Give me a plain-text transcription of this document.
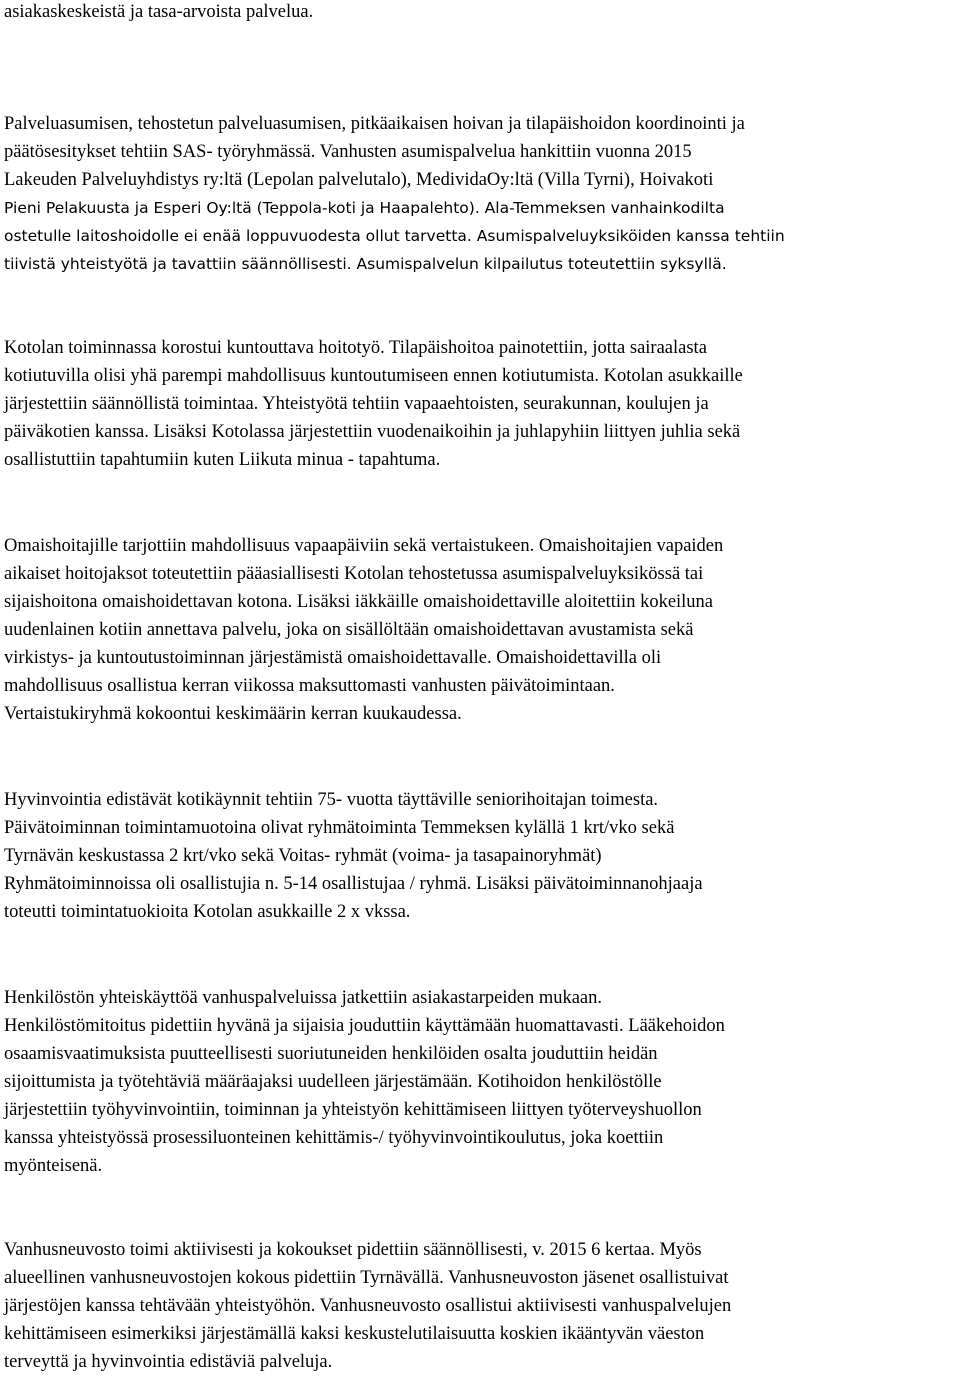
asiakaskeskeistä ja tasa-arvoista palvelua.
Palveluasumisen, tehostetun palveluasumisen, pitkäaikaisen hoivan ja tilapäishoidon koordinointi ja
päätösesitykset tehtiin SAS- työryhmässä. Vanhusten asumispalvelua hankittiin vuonna 2015
Lakeuden Palveluyhdistys ry:ltä (Lepolan palvelutalo), MedividaOy:ltä (Villa Tyrni), Hoivakoti
Pieni Pelakuusta ja Esperi Oy:ltä (Teppola-koti ja Haapalehto). Ala-Temmeksen vanhainkodilta
ostetulle laitoshoidolle ei enää loppuvuodesta ollut tarvetta. Asumispalveluyksiköiden kanssa tehtiin
tiivistä yhteistyötä ja tavattiin säännöllisesti. Asumispalvelun kilpailutus toteutettiin syksyllä.
Kotolan toiminnassa korostui kuntouttava hoitotyö. Tilapäishoitoa painotettiin, jotta sairaalasta
kotiutuvilla olisi yhä parempi mahdollisuus kuntoutumiseen ennen kotiutumista. Kotolan asukkaille
järjestettiin säännöllistä toimintaa. Yhteistyötä tehtiin vapaaehtoisten, seurakunnan, koulujen ja
päiväkotien kanssa. Lisäksi Kotolassa järjestettiin vuodenaikoihin ja juhlapyhiin liittyen juhlia sekä
osallistuttiin tapahtumiin kuten Liikuta minua - tapahtuma.
Omaishoitajille tarjottiin mahdollisuus vapaapäiviin sekä vertaistukeen. Omaishoitajien vapaiden
aikaiset hoitojaksot toteutettiin pääasiallisesti Kotolan tehostetussa asumispalveluyksikössä tai
sijaishoitona omaishoidettavan kotona. Lisäksi iäkkäille omaishoidettaville aloitettiin kokeiluna
uudenlainen kotiin annettava palvelu, joka on sisällöltään omaishoidettavan avustamista sekä
virkistys- ja kuntoutustoiminnan järjestämistä omaishoidettavalle. Omaishoidettavilla oli
mahdollisuus osallistua kerran viikossa maksuttomasti vanhusten päivätoimintaan.
Vertaistukiryhmä kokoontui keskimäärin kerran kuukaudessa.
Hyvinvointia edistävät kotikäynnit tehtiin 75- vuotta täyttäville seniorihoitajan toimesta.
Päivätoiminnan toimintamuotoina olivat ryhmätoiminta Temmeksen kylällä 1 krt/vko sekä
Tyrnävän keskustassa 2 krt/vko sekä Voitas- ryhmät (voima- ja tasapainoryhmät)
Ryhmätoiminnoissa oli osallistujia n. 5-14 osallistujaa / ryhmä. Lisäksi päivätoiminnanohjaaja
toteutti toimintatuokioita Kotolan asukkaille 2 x vkssa.
Henkilöstön yhteiskäyttöä vanhuspalveluissa jatkettiin asiakastarpeiden mukaan.
Henkilöstömitoitus pidettiin hyvänä ja sijaisia jouduttiin käyttämään huomattavasti. Lääkehoidon
osaamisvaatimuksista puutteellisesti suoriutuneiden henkilöiden osalta jouduttiin heidän
sijoittumista ja työtehtäviä määräajaksi uudelleen järjestämään. Kotihoidon henkilöstölle
järjestettiin työhyvinvointiin, toiminnan ja yhteistyön kehittämiseen liittyen työterveyshuollon
kanssa yhteistyössä prosessiluonteinen kehittämis-/ työhyvinvointikoulutus, joka koettiin
myönteisenä.
Vanhusneuvosto toimi aktiivisesti ja kokoukset pidettiin säännöllisesti, v. 2015 6 kertaa. Myös
alueellinen vanhusneuvostojen kokous pidettiin Tyrnävällä. Vanhusneuvoston jäsenet osallistuivat
järjestöjen kanssa tehtävään yhteistyöhön. Vanhusneuvosto osallistui aktiivisesti vanhuspalvelujen
kehittämiseen esimerkiksi järjestämällä kaksi keskustelutilaisuutta koskien ikääntyvän väeston
terveyttä ja hyvinvointia edistäviä palveluja.
